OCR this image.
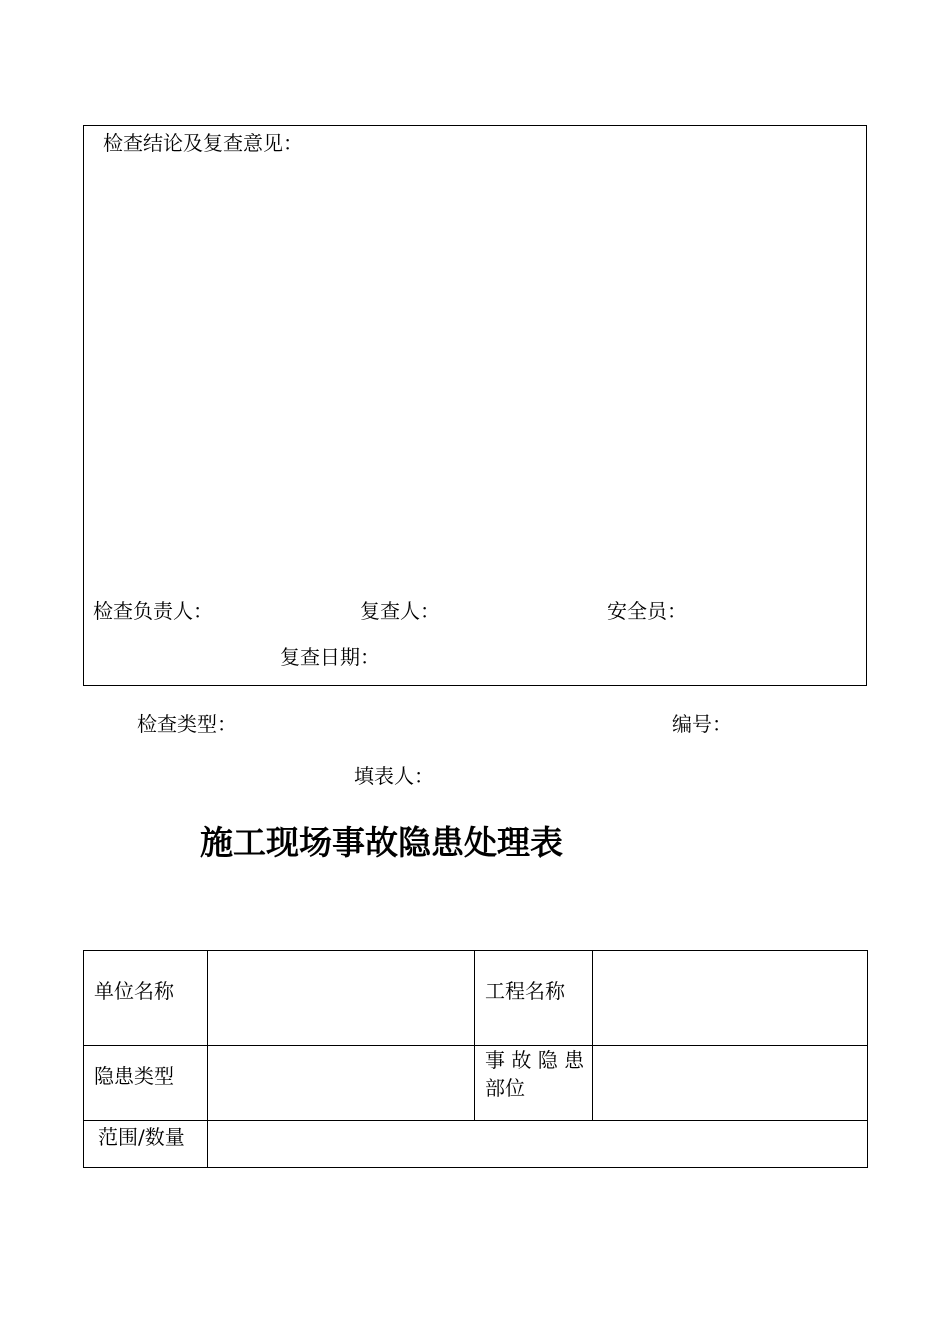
检查结论及复查意见：
检查负责人：	复查人：	安全员：
复查日期：
检查类型：	编号：
填表人：
施工现场事故隐患处理表
单位名称		工程名称	

隐患类型		事 故 隐 患
部位	

范围/数量			
